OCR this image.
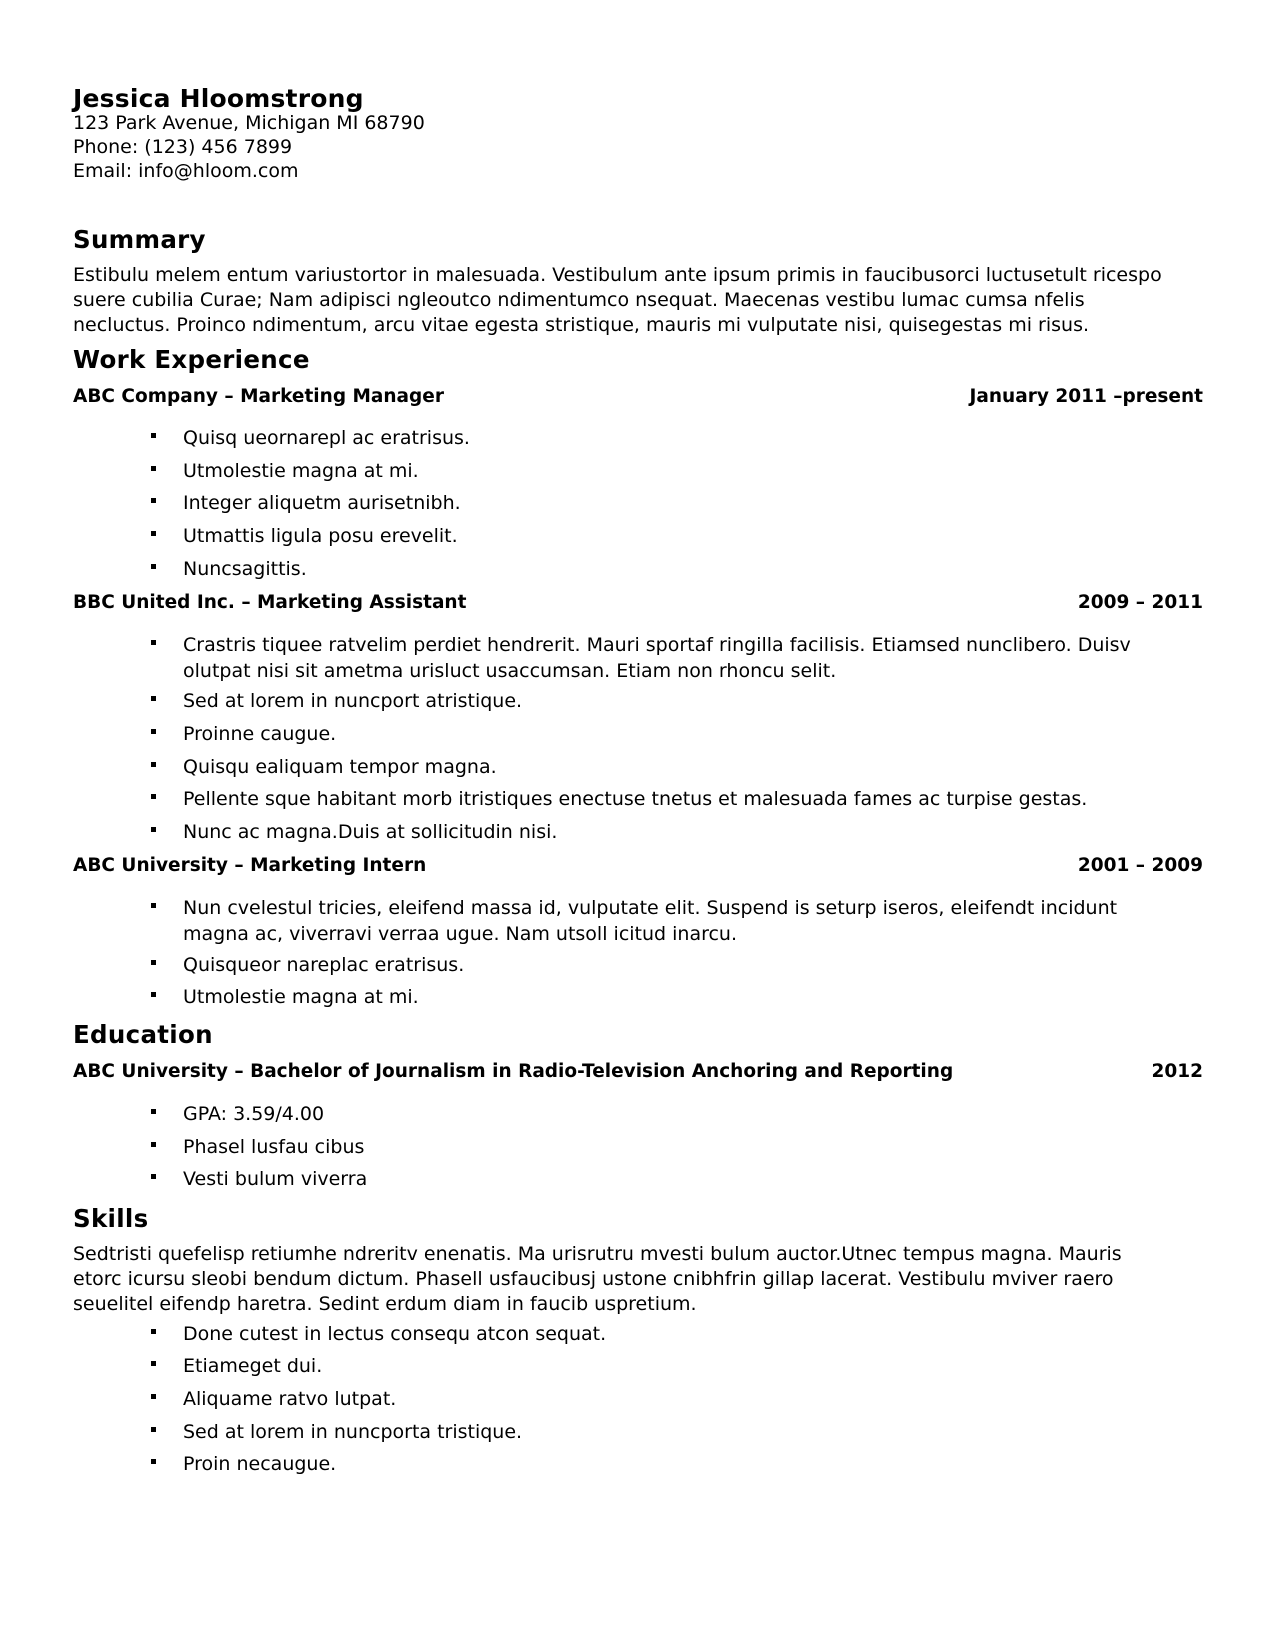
Jessica Hloomstrong
123 Park Avenue, Michigan MI 68790
Phone: (123) 456 7899
Email: info@hloom.com
Summary
Estibulu melem entum variustortor in malesuada. Vestibulum ante ipsum primis in faucibusorci luctusetult ricespo
suere cubilia Curae; Nam adipisci ngleoutco ndimentumco nsequat. Maecenas vestibu lumac cumsa nfelis
necluctus. Proinco ndimentum, arcu vitae egesta stristique, mauris mi vulputate nisi, quisegestas mi risus.
Work Experience
ABC Company – Marketing Manager	January 2011 –present
Quisq ueornarepl ac eratrisus.
Utmolestie magna at mi.
Integer aliquetm aurisetnibh.
Utmattis ligula posu erevelit.
Nuncsagittis.
BBC United Inc. – Marketing Assistant	2009 – 2011
Crastris tiquee ratvelim perdiet hendrerit. Mauri sportaf ringilla facilisis. Etiamsed nunclibero. Duisv
olutpat nisi sit ametma urisluct usaccumsan. Etiam non rhoncu selit.
Sed at lorem in nuncport atristique.
Proinne caugue.
Quisqu ealiquam tempor magna.
Pellente sque habitant morb itristiques enectuse tnetus et malesuada fames ac turpise gestas.
Nunc ac magna.Duis at sollicitudin nisi.
ABC University – Marketing Intern	2001 – 2009
Nun cvelestul tricies, eleifend massa id, vulputate elit. Suspend is seturp iseros, eleifendt incidunt
magna ac, viverravi verraa ugue. Nam utsoll icitud inarcu.
Quisqueor nareplac eratrisus.
Utmolestie magna at mi.
Education
ABC University – Bachelor of Journalism in Radio-Television Anchoring and Reporting	2012
GPA: 3.59/4.00
Phasel lusfau cibus
Vesti bulum viverra
Skills
Sedtristi quefelisp retiumhe ndreritv enenatis. Ma urisrutru mvesti bulum auctor.Utnec tempus magna. Mauris
etorc icursu sleobi bendum dictum. Phasell usfaucibusj ustone cnibhfrin gillap lacerat. Vestibulu mviver raero
seuelitel eifendp haretra. Sedint erdum diam in faucib uspretium.
Done cutest in lectus consequ atcon sequat.
Etiameget dui.
Aliquame ratvo lutpat.
Sed at lorem in nuncporta tristique.
Proin necaugue.
